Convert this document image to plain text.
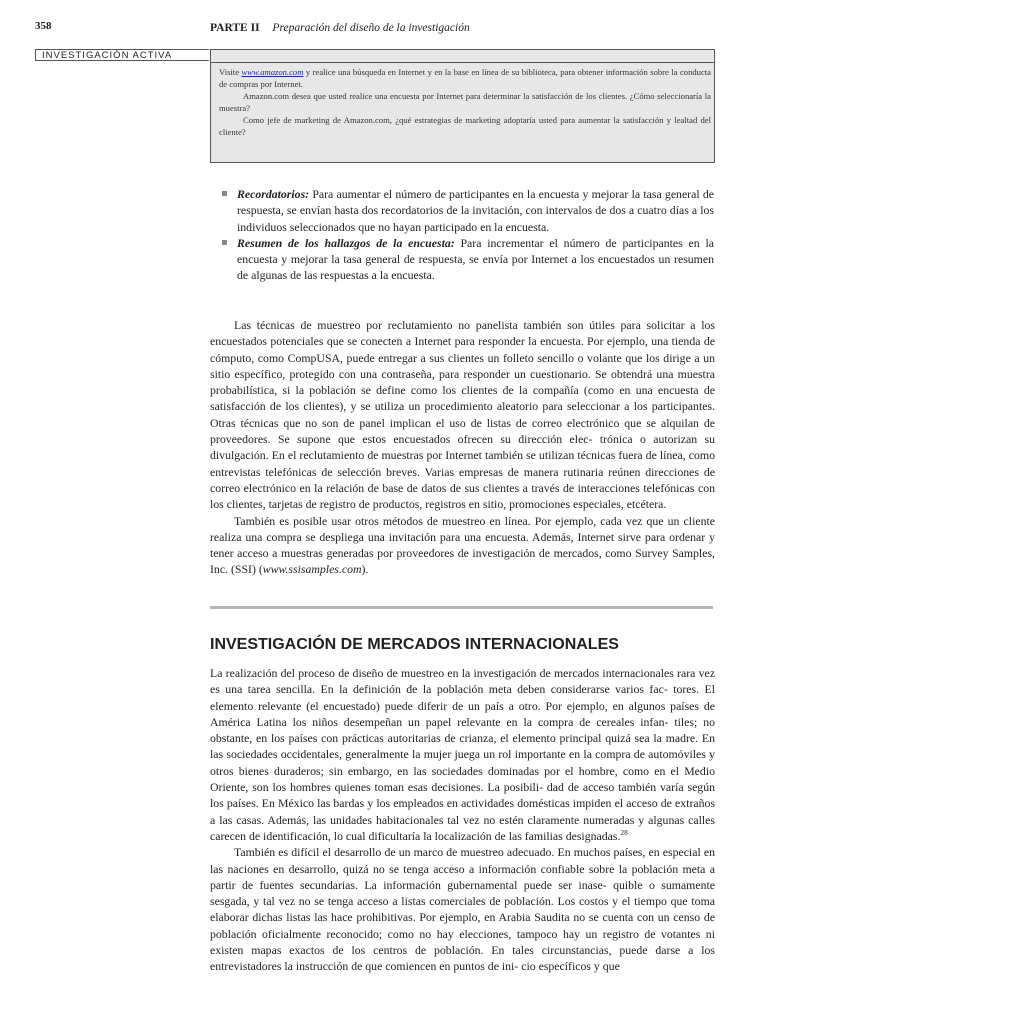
358	PARTE II Preparación del diseño de la investigación
INVESTIGACIÓN ACTIVA

Visite www.amazon.com y realice una búsqueda en Internet y en la base en línea de su biblioteca, para obtener información sobre la conducta de compras por Internet.

Amazon.com desea que usted realice una encuesta por Internet para determinar la satisfacción de los clientes. ¿Cómo seleccionaría la muestra?

Como jefe de marketing de Amazon.com, ¿qué estrategias de marketing adoptaría usted para aumentar la satisfacción y lealtad del cliente?

Recordatorios: Para aumentar el número de participantes en la encuesta y mejorar la tasa general de respuesta, se envían hasta dos recordatorios de la invitación, con intervalos de dos a cuatro días a los individuos seleccionados que no hayan participado en la encuesta.
Resumen de los hallazgos de la encuesta: Para incrementar el número de participantes en la encuesta y mejorar la tasa general de respuesta, se envía por Internet a los encuestados un resumen de algunas de las respuestas a la encuesta.

Las técnicas de muestreo por reclutamiento no panelista también son útiles para solicitar a los encuestados potenciales que se conecten a Internet para responder la encuesta. Por ejemplo, una tienda de cómputo, como CompUSA, puede entregar a sus clientes un folleto sencillo o volante que los dirige a un sitio específico, protegido con una contraseña, para responder un cuestionario. Se obtendrá una muestra probabilística, si la población se define como los clientes de la compañía (como en una encuesta de satisfacción de los clientes), y se utiliza un procedimiento aleatorio para seleccionar a los participantes. Otras técnicas que no son de panel implican el uso de listas de correo electrónico que se alquilan de proveedores. Se supone que estos encuestados ofrecen su dirección elec- trónica o autorizan su divulgación. En el reclutamiento de muestras por Internet también se utilizan técnicas fuera de línea, como entrevistas telefónicas de selección breves. Varias empresas de manera rutinaria reúnen direcciones de correo electrónico en la relación de base de datos de sus clientes a través de interacciones telefónicas con los clientes, tarjetas de registro de productos, registros en sitio, promociones especiales, etcétera.

También es posible usar otros métodos de muestreo en línea. Por ejemplo, cada vez que un cliente realiza una compra se despliega una invitación para una encuesta. Además, Internet sirve para ordenar y tener acceso a muestras generadas por proveedores de investigación de mercados, como Survey Samples, Inc. (SSI) (www.ssisamples.com).

INVESTIGACIÓN DE MERCADOS INTERNACIONALES

La realización del proceso de diseño de muestreo en la investigación de mercados internacionales rara vez es una tarea sencilla. En la definición de la población meta deben considerarse varios fac- tores. El elemento relevante (el encuestado) puede diferir de un país a otro. Por ejemplo, en algunos países de América Latina los niños desempeñan un papel relevante en la compra de cereales infan- tiles; no obstante, en los países con prácticas autoritarias de crianza, el elemento principal quizá sea la madre. En las sociedades occidentales, generalmente la mujer juega un rol importante en la compra de automóviles y otros bienes duraderos; sin embargo, en las sociedades dominadas por el hombre, como en el Medio Oriente, son los hombres quienes toman esas decisiones. La posibili- dad de acceso también varía según los países. En México las bardas y los empleados en actividades domésticas impiden el acceso de extraños a las casas. Además, las unidades habitacionales tal vez no estén claramente numeradas y algunas calles carecen de identificación, lo cual dificultaría la localización de las familias designadas.$^{28}$

También es difícil el desarrollo de un marco de muestreo adecuado. En muchos países, en especial en las naciones en desarrollo, quizá no se tenga acceso a información confiable sobre la población meta a partir de fuentes secundarias. La información gubernamental puede ser inase- quible o sumamente sesgada, y tal vez no se tenga acceso a listas comerciales de población. Los costos y el tiempo que toma elaborar dichas listas las hace prohibitivas. Por ejemplo, en Arabia Saudita no se cuenta con un censo de población oficialmente reconocido; como no hay elecciones, tampoco hay un registro de votantes ni existen mapas exactos de los centros de población. En tales circunstancias, puede darse a los entrevistadores la instrucción de que comiencen en puntos de ini- cio específicos y que
